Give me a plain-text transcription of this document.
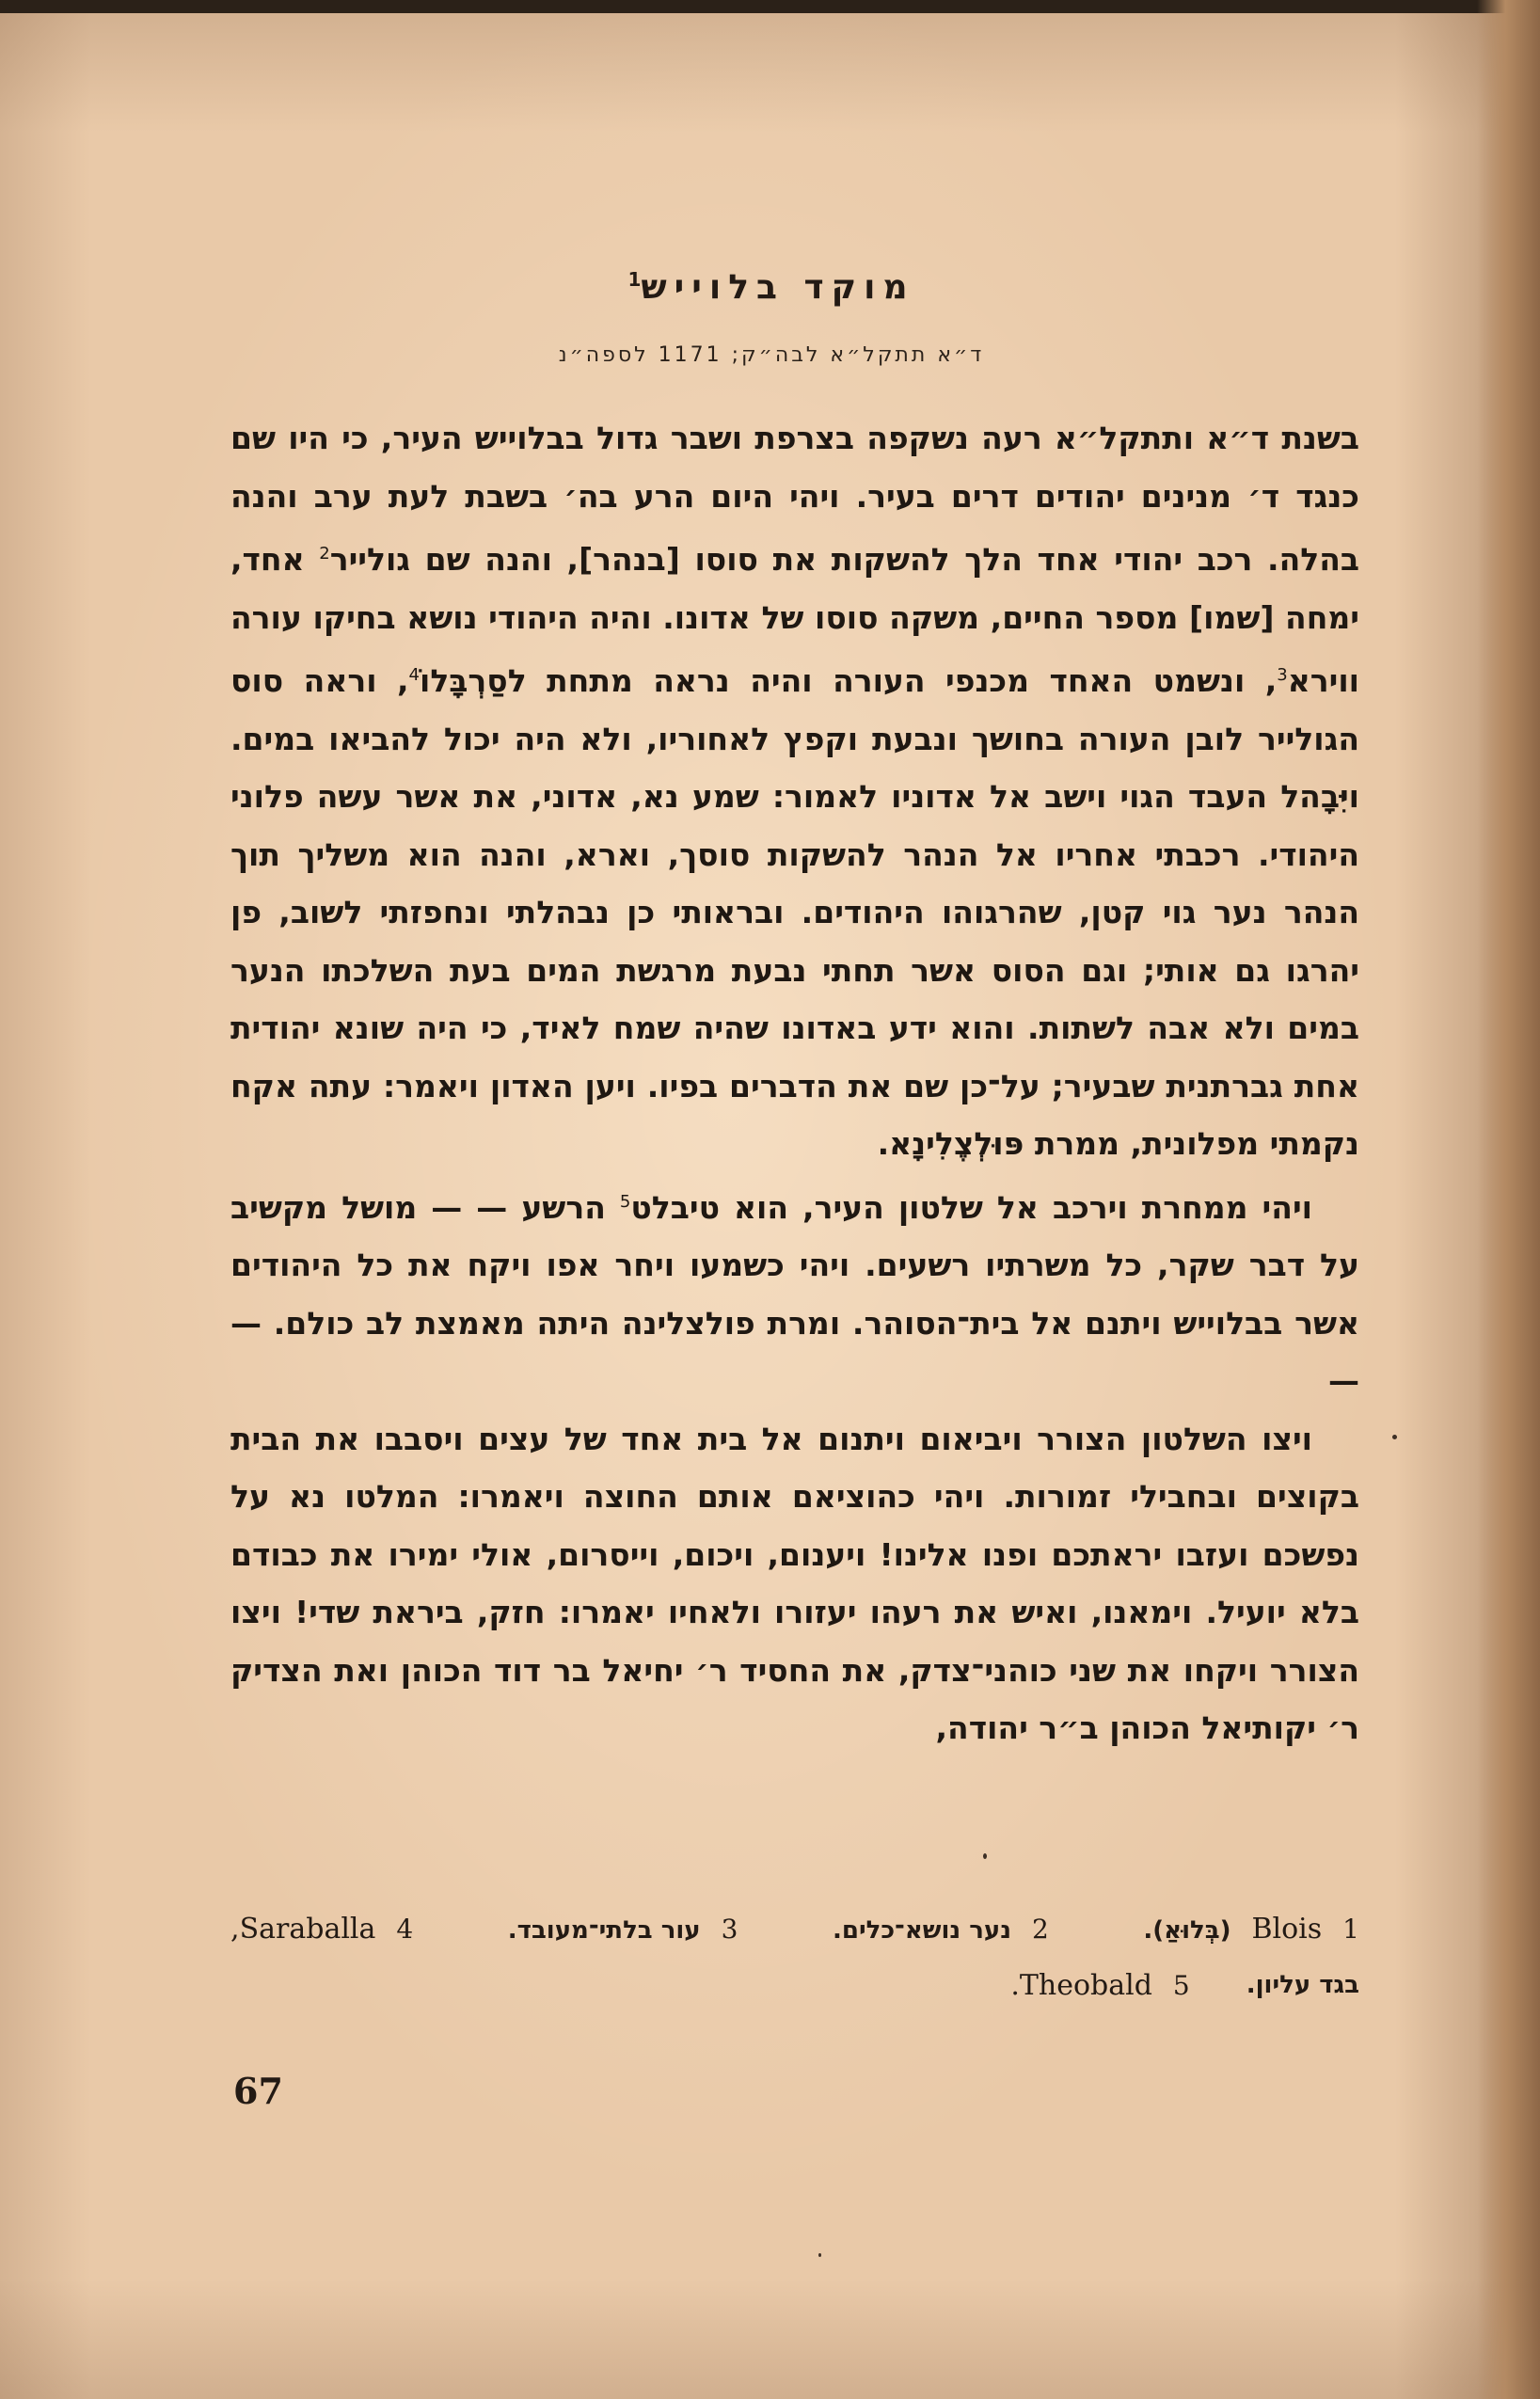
מוקד בלוייש$^1$
ד״א תתקל״א לבה״ק; 1171 לספה״נ

בשנת ד״א ותתקל״א רעה נשקפה בצרפת ושבר גדול בבלוייש העיר, כי היו שם כנגד ד׳ מנינים יהודים דרים בעיר. ויהי היום הרע בה׳ בשבת לעת ערב והנה בהלה. רכב יהודי אחד הלך להשקות את סוסו [בנהר], והנה שם גולייר$^2$ אחד, ימחה [שמו] מספר החיים, משקה סוסו של אדונו. והיה היהודי נושא בחיקו עורה ווירא$^3$, ונשמט האחד מכנפי העורה והיה נראה מתחת לסַרְבָּלוֹ$^4$, וראה סוס הגולייר לובן העורה בחושך ונבעת וקפץ לאחוריו, ולא היה יכול להביאו במים. ויִּבָהל העבד הגוי וישב אל אדוניו לאמור: שמע נא, אדוני, את אשר עשה פלוני היהודי. רכבתי אחריו אל הנהר להשקות סוסך, וארא, והנה הוא משליך תוך הנהר נער גוי קטן, שהרגוהו היהודים. ובראותי כן נבהלתי ונחפזתי לשוב, פן יהרגו גם אותי; וגם הסוס אשר תחתי נבעת מרגשת המים בעת השלכתו הנער במים ולא אבה לשתות. והוא ידע באדונו שהיה שמח לאיד, כי היה שונא יהודית אחת גברתנית שבעיר; על־כן שם את הדברים בפיו. ויען האדון ויאמר: עתה אקח נקמתי מפלונית, ממרת פּוּלְצֶלִינָא.

ויהי ממחרת וירכב אל שלטון העיר, הוא טיבלט$^5$ הרשע — — מושל מקשיב על דבר שקר, כל משרתיו רשעים. ויהי כשמעו ויחר אפו ויקח את כל היהודים אשר בבלוייש ויתנם אל בית־הסוהר. ומרת פולצלינה היתה מאמצת לב כולם. — —

ויצו השלטון הצורר ויביאום ויתנום אל בית אחד של עצים ויסבבו את הבית בקוצים ובחבילי זמורות. ויהי כהוציאם אותם החוצה ויאמרו: המלטו נא על נפשכם ועזבו יראתכם ופנו אלינו! ויענום, ויכום, וייסרום, אולי ימירו את כבודם בלא יועיל. וימאנו, ואיש את רעהו יעזורו ולאחיו יאמרו: חזק, ביראת שדי! ויצו הצורר ויקחו את שני כוהני־צדק, את החסיד ר׳ יחיאל בר דוד הכוהן ואת הצדיק ר׳ יקותיאל הכוהן ב״ר יהודה,

1
Blois
(בְּלוּאַ).
2
נער נושא־כלים.
3
עור בלתי־מעובד.
4
Saraballa,
בגד עליון.
5
Theobald.
67
